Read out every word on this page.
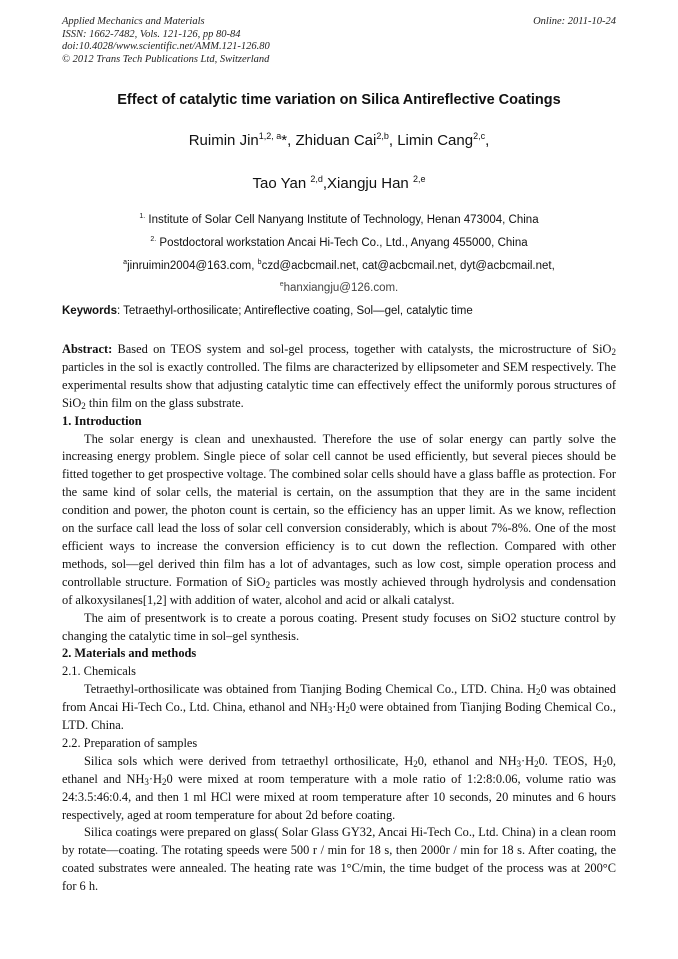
Applied Mechanics and Materials
ISSN: 1662-7482, Vols. 121-126, pp 80-84
doi:10.4028/www.scientific.net/AMM.121-126.80
© 2012 Trans Tech Publications Ltd, Switzerland
Online: 2011-10-24
Effect of catalytic time variation on Silica Antireflective Coatings
Ruimin Jin$^{1,2, a}$*, Zhiduan Cai$^{2,b}$, Limin Cang$^{2,c}$,
Tao Yan $^{2,d}$,Xiangju Han $^{2,e}$
$^{1.}$ Institute of Solar Cell Nanyang Institute of Technology, Henan 473004, China
$^{2.}$ Postdoctoral workstation Ancai Hi-Tech Co., Ltd., Anyang 455000, China
$^a$jinruimin2004@163.com, $^b$czd@acbcmail.net, cat@acbcmail.net, dyt@acbcmail.net,
$^e$hanxiangju@126.com.
Keywords: Tetraethyl-orthosilicate; Antireflective coating, Sol—gel, catalytic time

Abstract: Based on TEOS system and sol-gel process, together with catalysts, the microstructure of SiO$_2$ particles in the sol is exactly controlled. The films are characterized by ellipsometer and SEM respectively. The experimental results show that adjusting catalytic time can effectively effect the uniformly porous structures of SiO$_2$ thin film on the glass substrate.

1. Introduction

The solar energy is clean and unexhausted. Therefore the use of solar energy can partly solve the increasing energy problem. Single piece of solar cell cannot be used efficiently, but several pieces should be fitted together to get prospective voltage. The combined solar cells should have a glass baffle as protection. For the same kind of solar cells, the material is certain, on the assumption that they are in the same incident condition and power, the photon count is certain, so the efficiency has an upper limit. As we know, reflection on the surface call lead the loss of solar cell conversion considerably, which is about 7%-8%. One of the most efficient ways to increase the conversion efficiency is to cut down the reflection. Compared with other methods, sol—gel derived thin film has a lot of advantages, such as low cost, simple operation process and controllable structure. Formation of SiO$_2$ particles was mostly achieved through hydrolysis and condensation of alkoxysilanes[1,2] with addition of water, alcohol and acid or alkali catalyst.

The aim of presentwork is to create a porous coating. Present study focuses on SiO2 stucture control by changing the catalytic time in sol–gel synthesis.

2. Materials and methods

2.1. Chemicals

Tetraethyl-orthosilicate was obtained from Tianjing Boding Chemical Co., LTD. China. $H_20$ was obtained from Ancai Hi-Tech Co., Ltd. China, ethanol and $NH_3\cdot H_20$ were obtained from Tianjing Boding Chemical Co., LTD. China.

2.2. Preparation of samples

Silica sols which were derived from tetraethyl orthosilicate, $H_20$, ethanol and $NH_3\cdot H_20$. TEOS, $H_20$, ethanel and $NH_3\cdot H_20$ were mixed at room temperature with a mole ratio of 1:2:8:0.06, volume ratio was 24:3.5:46:0.4, and then 1 ml HCl were mixed at room temperature after 10 seconds, 20 minutes and 6 hours respectively, aged at room temperature for about 2d before coating.

Silica coatings were prepared on glass( Solar Glass GY32, Ancai Hi-Tech Co., Ltd. China) in a clean room by rotate—coating. The rotating speeds were 500 r / min for 18 s, then 2000r / min for 18 s. After coating, the coated substrates were annealed. The heating rate was 1°C/min, the time budget of the process was at 200°C for 6 h.
